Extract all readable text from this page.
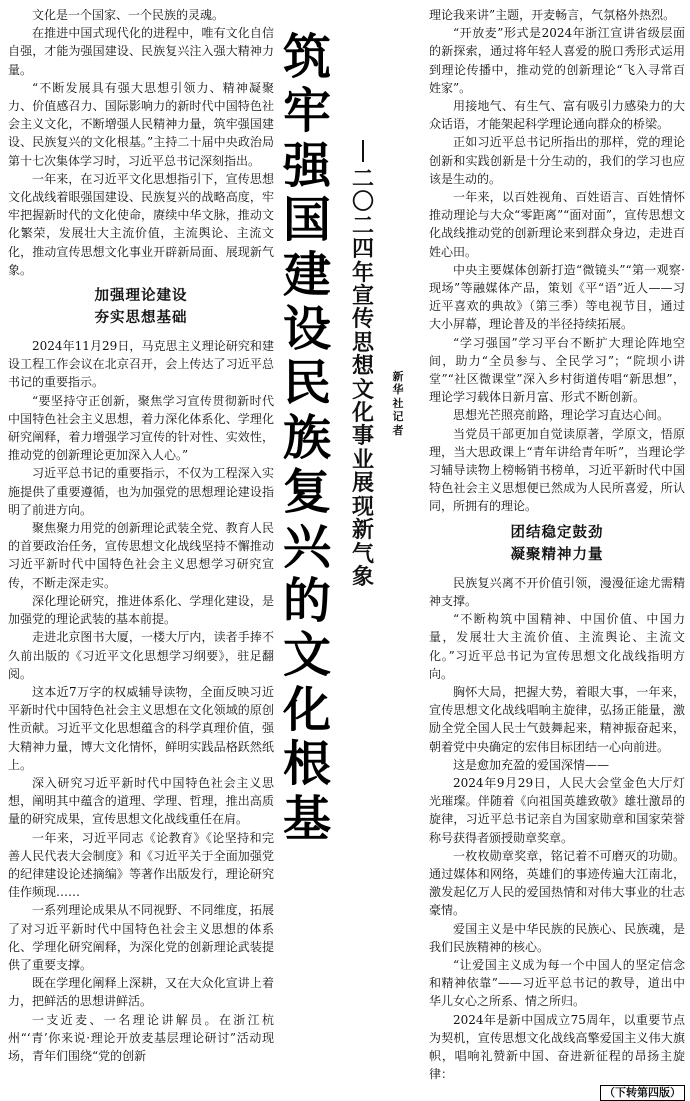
文化是一个国家、一个民族的灵魂。

在推进中国式现代化的进程中，唯有文化自信自强，才能为强国建设、民族复兴注入强大精神力量。

“不断发展具有强大思想引领力、精神凝聚力、价值感召力、国际影响力的新时代中国特色社会主义文化，不断增强人民精神力量，筑牢强国建设、民族复兴的文化根基。”主持二十届中央政治局第十七次集体学习时，习近平总书记深刻指出。

一年来，在习近平文化思想指引下，宣传思想文化战线着眼强国建设、民族复兴的战略高度，牢牢把握新时代的文化使命，赓续中华文脉，推动文化繁荣，发展壮大主流价值，主流舆论、主流文化，推动宣传思想文化事业开辟新局面、展现新气象。

加强理论建设
夯实思想基础

2024年11月29日，马克思主义理论研究和建设工程工作会议在北京召开，会上传达了习近平总书记的重要指示。

“要坚持守正创新，聚焦学习宣传贯彻新时代中国特色社会主义思想，着力深化体系化、学理化研究阐释，着力增强学习宣传的针对性、实效性，推动党的创新理论更加深入人心。”

习近平总书记的重要指示，不仅为工程深入实施提供了重要遵循，也为加强党的思想理论建设指明了前进方向。

聚焦聚力用党的创新理论武装全党、教育人民的首要政治任务，宣传思想文化战线坚持不懈推动习近平新时代中国特色社会主义思想学习研究宣传，不断走深走实。

深化理论研究，推进体系化、学理化建设，是加强党的理论武装的基本前提。

走进北京图书大厦，一楼大厅内，读者手捧不久前出版的《习近平文化思想学习纲要》，驻足翻阅。

这本近7万字的权威辅导读物，全面反映习近平新时代中国特色社会主义思想在文化领域的原创性贡献。习近平文化思想蕴含的科学真理价值，强大精神力量，博大文化情怀，鲜明实践品格跃然纸上。

深入研究习近平新时代中国特色社会主义思想，阐明其中蕴含的道理、学理、哲理，推出高质量的研究成果，宣传思想文化战线重任在肩。

一年来，习近平同志《论教育》《论坚持和完善人民代表大会制度》和《习近平关于全面加强党的纪律建设论述摘编》等著作出版发行，理论研究佳作频现……

一系列理论成果从不同视野、不同维度，拓展了对习近平新时代中国特色社会主义思想的体系化、学理化研究阐释，为深化党的创新理论武装提供了重要支撑。

既在学理化阐释上深耕，又在大众化宣讲上着力，把鲜活的思想讲鲜活。

一支近麦、一名理论讲解员。在浙江杭州“‘青’你来说·理论开放麦基层理论研讨”活动现场，青年们围绕“党的创新

筑
牢
强
国
建
设
民
族
复
兴
的
文
化
根
基
二
〇
二
四
年
宣
传
思
想
文
化
事
业
展
现
新
气
象
新
华
社
记
者

理论我来讲”主题，开麦畅言，气氛格外热烈。

“开放麦”形式是2024年浙江宣讲省级层面的新探索，通过将年轻人喜爱的脱口秀形式运用到理论传播中，推动党的创新理论“飞入寻常百姓家”。

用接地气、有生气、富有吸引力感染力的大众话语，才能架起科学理论通向群众的桥梁。

正如习近平总书记所指出的那样，党的理论创新和实践创新是十分生动的，我们的学习也应该是生动的。

一年来，以百姓视角、百姓语言、百姓情怀推动理论与大众“零距离”“面对面”，宣传思想文化战线推动党的创新理论来到群众身边，走进百姓心田。

中央主要媒体创新打造“微镜头”“第一观察·现场”等融媒体产品，策划《平“语”近人——习近平喜欢的典故》（第三季）等电视节目，通过大小屏幕，理论普及的半径持续拓展。

“学习强国”学习平台不断扩大理论阵地空间，助力“全员参与、全民学习”；“院坝小讲堂”“社区微课堂”深入乡村街道传唱“新思想”，理论学习载体日新月富、形式不断创新。

思想光芒照亮前路，理论学习直达心间。

当党员干部更加自觉读原著，学原文，悟原理，当大思政课上“青年讲给青年听”，当理论学习辅导读物上榜畅销书榜单，习近平新时代中国特色社会主义思想便已然成为人民所喜爱，所认同，所拥有的理论。

团结稳定鼓劲
凝聚精神力量

民族复兴离不开价值引领，漫漫征途尤需精神支撑。

“不断构筑中国精神、中国价值、中国力量，发展壮大主流价值、主流舆论、主流文化。”习近平总书记为宣传思想文化战线指明方向。

胸怀大局，把握大势，着眼大事，一年来，宣传思想文化战线唱响主旋律，弘扬正能量，激励全党全国人民士气鼓舞起来，精神振奋起来，朝着党中央确定的宏伟目标团结一心向前进。

这是愈加充盈的爱国深情——

2024年9月29日，人民大会堂金色大厅灯光璀璨。伴随着《向祖国英雄致敬》雄壮激昂的旋律，习近平总书记亲自为国家勋章和国家荣誉称号获得者颁授勋章奖章。

一枚枚勋章奖章，铭记着不可磨灭的功勋。通过媒体和网络，英雄们的事迹传遍大江南北，激发起亿万人民的爱国热情和对伟大事业的壮志豪情。

爱国主义是中华民族的民族心、民族魂，是我们民族精神的核心。

“让爱国主义成为每一个中国人的坚定信念和精神依靠”——习近平总书记的教导，道出中华儿女心之所系、情之所归。

2024年是新中国成立75周年，以重要节点为契机，宣传思想文化战线高擎爱国主义伟大旗帜，唱响礼赞新中国、奋进新征程的昂扬主旋律：

（下转第四版）
